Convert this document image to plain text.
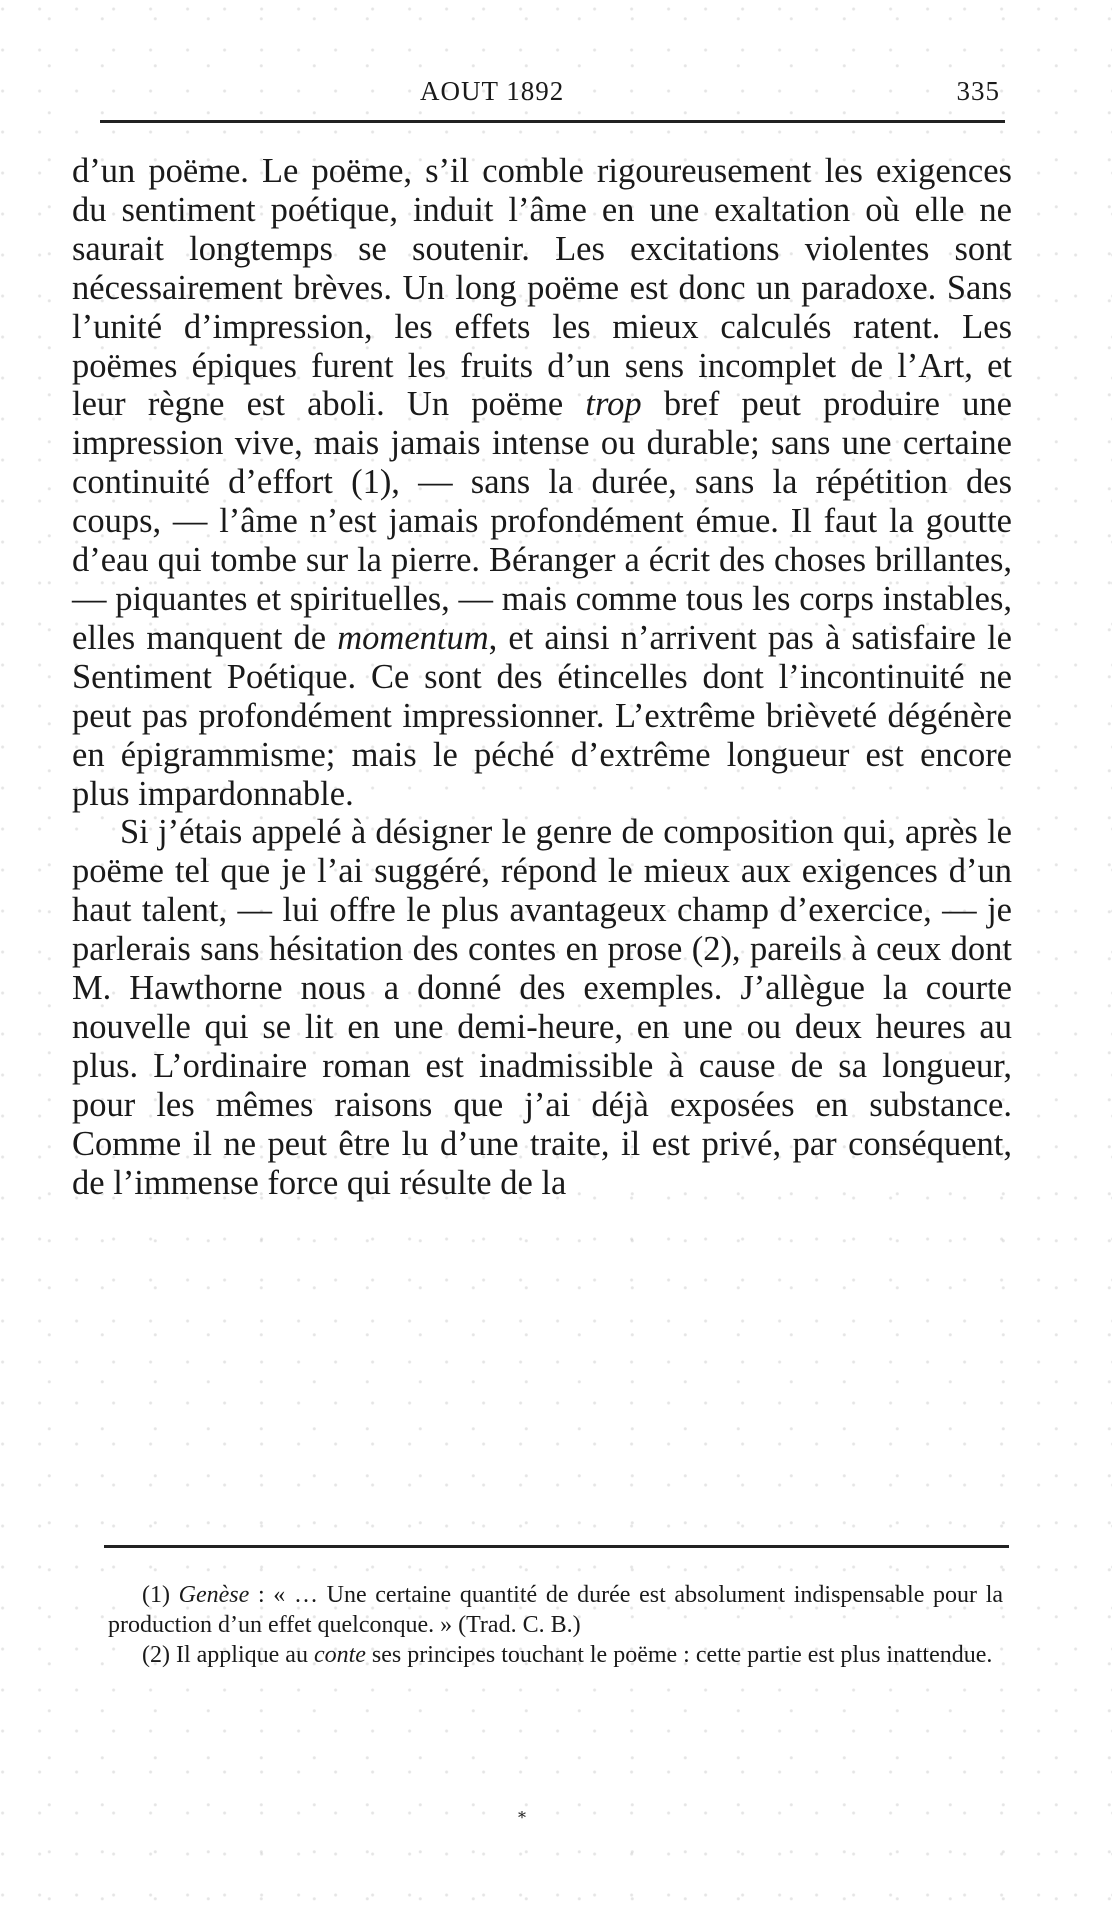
AOUT 1892	335

d’un poëme. Le poëme, s’il comble rigoureusement les exigences du sentiment poétique, induit l’âme en une exaltation où elle ne saurait longtemps se soutenir. Les excitations violentes sont nécessairement brèves. Un long poëme est donc un paradoxe. Sans l’unité d’impression, les effets les mieux calculés ratent. Les poëmes épiques furent les fruits d’un sens incomplet de l’Art, et leur règne est aboli. Un poëme trop bref peut produire une impression vive, mais jamais intense ou durable; sans une certaine continuité d’effort (1), — sans la durée, sans la répétition des coups, — l’âme n’est jamais profondément émue. Il faut la goutte d’eau qui tombe sur la pierre. Béranger a écrit des choses brillantes, — piquantes et spirituelles, — mais comme tous les corps instables, elles manquent de momentum, et ainsi n’arrivent pas à satisfaire le Sentiment Poétique. Ce sont des étincelles dont l’incontinuité ne peut pas profondément impressionner. L’extrême brièveté dégénère en épigrammisme; mais le péché d’extrême longueur est encore plus impardonnable.

Si j’étais appelé à désigner le genre de composition qui, après le poëme tel que je l’ai suggéré, répond le mieux aux exigences d’un haut talent, — lui offre le plus avantageux champ d’exercice, — je parlerais sans hésitation des contes en prose (2), pareils à ceux dont M. Hawthorne nous a donné des exemples. J’allègue la courte nouvelle qui se lit en une demi-heure, en une ou deux heures au plus. L’ordinaire roman est inadmissible à cause de sa longueur, pour les mêmes raisons que j’ai déjà exposées en substance. Comme il ne peut être lu d’une traite, il est privé, par conséquent, de l’immense force qui résulte de la

(1) Genèse : « … Une certaine quantité de durée est absolument indispensable pour la production d’un effet quelconque. » (Trad. C. B.)

(2) Il applique au conte ses principes touchant le poëme : cette partie est plus inattendue.

*
